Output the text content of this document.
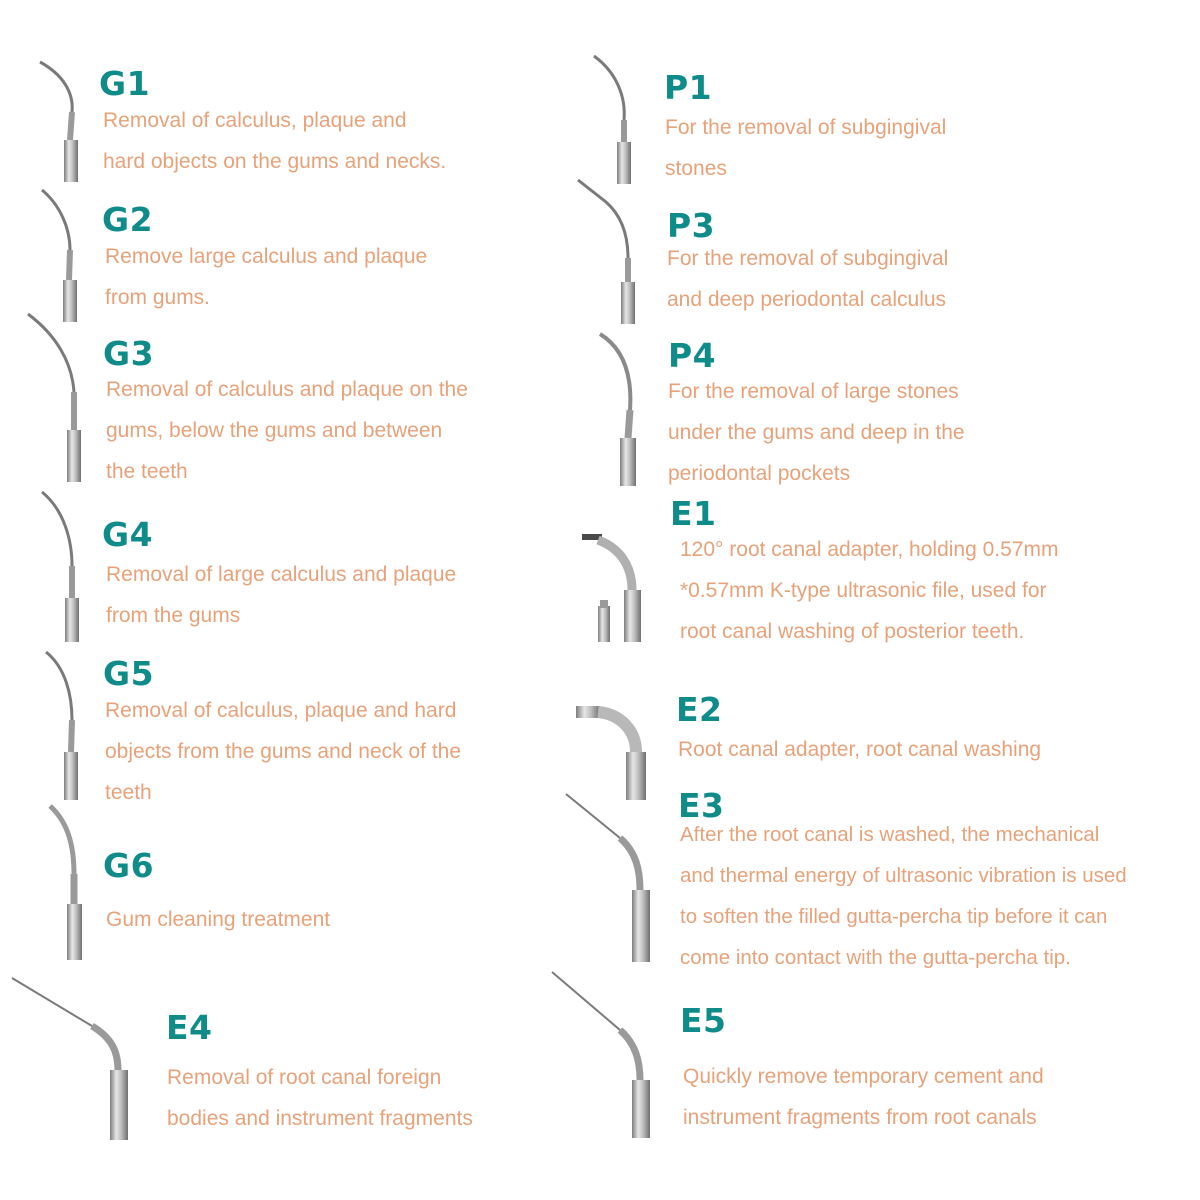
G1
Removal of calculus, plaque and
hard objects on the gums and necks.
G2
Remove large calculus and plaque
from gums.
G3
Removal of calculus and plaque on the
gums, below the gums and between
the teeth
G4
Removal of large calculus and plaque
from the gums
G5
Removal of calculus, plaque and hard
objects from the gums and neck of the
teeth
G6
Gum cleaning treatment
E4
Removal of root canal foreign
bodies and instrument fragments
P1
For the removal of subgingival
stones
P3
For the removal of subgingival
and deep periodontal calculus
P4
For the removal of large stones
under the gums and deep in the
periodontal pockets
E1
120° root canal adapter, holding 0.57mm
*0.57mm K-type ultrasonic file, used for
root canal washing of posterior teeth.
E2
Root canal adapter, root canal washing
E3
After the root canal is washed, the mechanical
and thermal energy of ultrasonic vibration is used
to soften the filled gutta-percha tip before it can
come into contact with the gutta-percha tip.
E5
Quickly remove temporary cement and
instrument fragments from root canals
